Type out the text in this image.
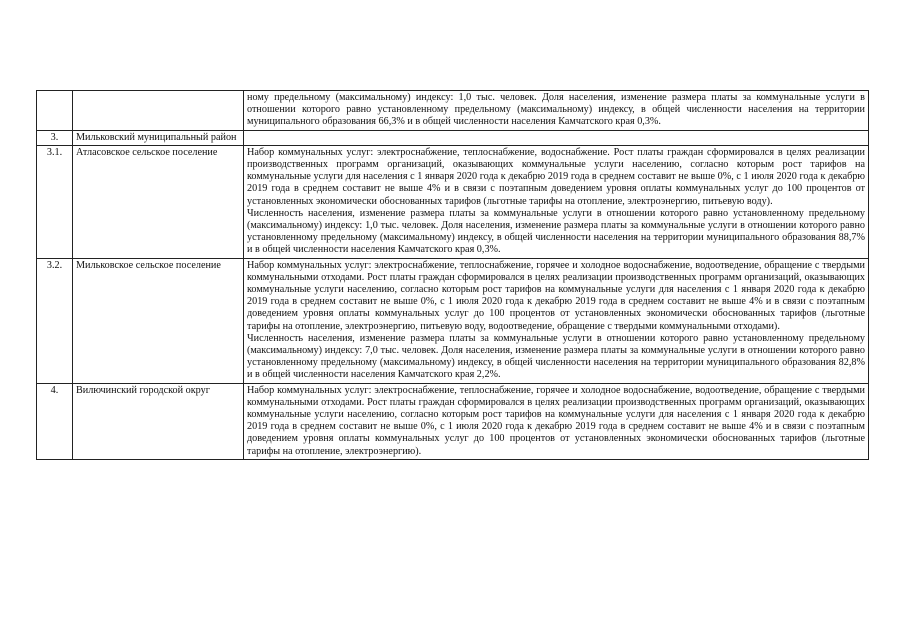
		ному предельному (максимальному) индексу: 1,0 тыс. человек. Доля населения, изменение размера платы за коммунальные услуги в отношении которого равно установленному предельному (максимальному) индексу, в общей численности населения на территории муниципального образования 66,3% и в общей численности населения Камчатского края 0,3%.

3.	Мильковский муниципальный район	
3.1.	Атласовское сельское поселение	Набор коммунальных услуг: электроснабжение, теплоснабжение, водоснабжение. Рост платы граждан сформировался в целях реализации производственных программ организаций, оказывающих коммунальные услуги населению, согласно которым рост тарифов на коммунальные услуги для населения с 1 января 2020 года к декабрю 2019 года в среднем составит не выше 0%, с 1 июля 2020 года к декабрю 2019 года в среднем составит не выше 4% и в связи с поэтапным доведением уровня оплаты коммунальных услуг до 100 процентов от установленных экономически обоснованных тарифов (льготные тарифы на отопление, электроэнергию, питьевую воду).
Численность населения, изменение размера платы за коммунальные услуги в отношении которого равно установленному предельному (максимальному) индексу: 1,0 тыс. человек. Доля населения, изменение размера платы за коммунальные услуги в отношении которого равно установленному предельному (максимальному) индексу, в общей численности населения на территории муниципального образования 88,7% и в общей численности населения Камчатского края 0,3%.

3.2.	Мильковское сельское поселение	Набор коммунальных услуг: электроснабжение, теплоснабжение, горячее и холодное водоснабжение, водоотведение, обращение с твердыми коммунальными отходами. Рост платы граждан сформировался в целях реализации производственных программ организаций, оказывающих коммунальные услуги населению, согласно которым рост тарифов на коммунальные услуги для населения с 1 января 2020 года к декабрю 2019 года в среднем составит не выше 0%, с 1 июля 2020 года к декабрю 2019 года в среднем составит не выше 4% и в связи с поэтапным доведением уровня оплаты коммунальных услуг до 100 процентов от установленных экономически обоснованных тарифов (льготные тарифы на отопление, электроэнергию, питьевую воду, водоотведение, обращение с твердыми коммунальными отходами).
Численность населения, изменение размера платы за коммунальные услуги в отношении которого равно установленному предельному (максимальному) индексу: 7,0 тыс. человек. Доля населения, изменение размера платы за коммунальные услуги в отношении которого равно установленному предельному (максимальному) индексу, в общей численности населения на территории муниципального образования 82,8% и в общей численности населения Камчатского края 2,2%.

4.	Вилючинский городской округ	Набор коммунальных услуг: электроснабжение, теплоснабжение, горячее и холодное водоснабжение, водоотведение, обращение с твердыми коммунальными отходами. Рост платы граждан сформировался в целях реализации производственных программ организаций, оказывающих коммунальные услуги населению, согласно которым рост тарифов на коммунальные услуги для населения с 1 января 2020 года к декабрю 2019 года в среднем составит не выше 0%, с 1 июля 2020 года к декабрю 2019 года в среднем составит не выше 4% и в связи с поэтапным доведением уровня оплаты коммунальных услуг до 100 процентов от установленных экономически обоснованных тарифов (льготные тарифы на отопление, электроэнергию).
